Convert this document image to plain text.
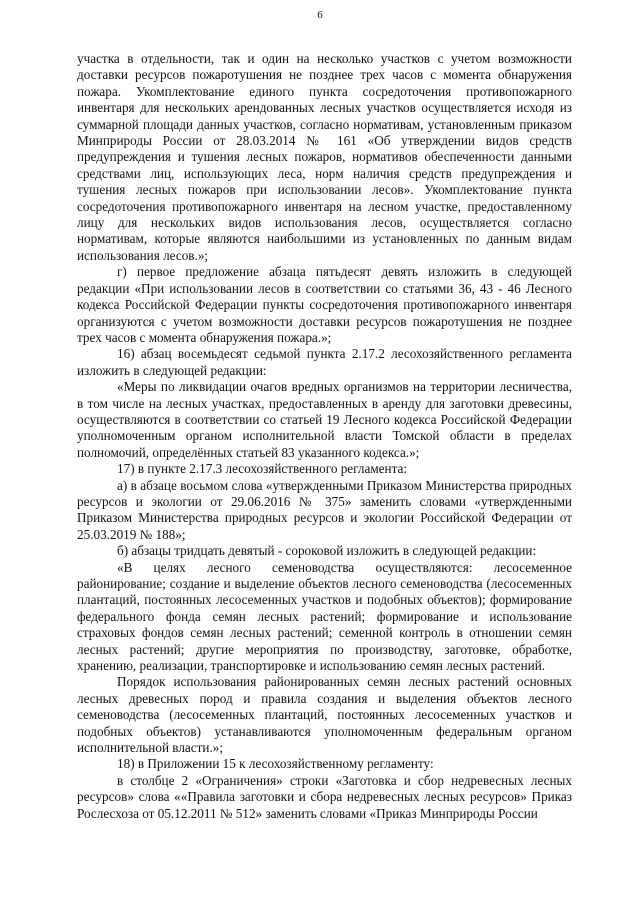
6

участка в отдельности, так и один на несколько участков с учетом возможности доставки ресурсов пожаротушения не позднее трех часов с момента обнаружения пожара. Укомплектование единого пункта сосредоточения противопожарного инвентаря для нескольких арендованных лесных участков осуществляется исходя из суммарной площади данных участков, согласно нормативам, установленным приказом Минприроды России от 28.03.2014 № 161 «Об утверждении видов средств предупреждения и тушения лесных пожаров, нормативов обеспеченности данными средствами лиц, использующих леса, норм наличия средств предупреждения и тушения лесных пожаров при использовании лесов». Укомплектование пункта сосредоточения противопожарного инвентаря на лесном участке, предоставленному лицу для нескольких видов использования лесов, осуществляется согласно нормативам, которые являются наибольшими из установленных по данным видам использования лесов.»;

г) первое предложение абзаца пятьдесят девять изложить в следующей редакции «При использовании лесов в соответствии со статьями 36, 43 - 46 Лесного кодекса Российской Федерации пункты сосредоточения противопожарного инвентаря организуются с учетом возможности доставки ресурсов пожаротушения не позднее трех часов с момента обнаружения пожара.»;

16) абзац восемьдесят седьмой пункта 2.17.2 лесохозяйственного регламента изложить в следующей редакции:

«Меры по ликвидации очагов вредных организмов на территории лесничества, в том числе на лесных участках, предоставленных в аренду для заготовки древесины, осуществляются в соответствии со статьей 19 Лесного кодекса Российской Федерации уполномоченным органом исполнительной власти Томской области в пределах полномочий, определённых статьей 83 указанного кодекса.»;

17) в пункте 2.17.3 лесохозяйственного регламента:

а) в абзаце восьмом слова «утвержденными Приказом Министерства природных ресурсов и экологии от 29.06.2016 № 375» заменить словами «утвержденными Приказом Министерства природных ресурсов и экологии Российской Федерации от 25.03.2019 № 188»;

б) абзацы тридцать девятый - сороковой изложить в следующей редакции:

«В целях лесного семеноводства осуществляются: лесосеменное районирование; создание и выделение объектов лесного семеноводства (лесосеменных плантаций, постоянных лесосеменных участков и подобных объектов); формирование федерального фонда семян лесных растений; формирование и использование страховых фондов семян лесных растений; семенной контроль в отношении семян лесных растений; другие мероприятия по производству, заготовке, обработке, хранению, реализации, транспортировке и использованию семян лесных растений.

Порядок использования районированных семян лесных растений основных лесных древесных пород и правила создания и выделения объектов лесного семеноводства (лесосеменных плантаций, постоянных лесосеменных участков и подобных объектов) устанавливаются уполномоченным федеральным органом исполнительной власти.»;

18) в Приложении 15 к лесохозяйственному регламенту:

в столбце 2 «Ограничения» строки «Заготовка и сбор недревесных лесных ресурсов» слова ««Правила заготовки и сбора недревесных лесных ресурсов» Приказ Рослесхоза от 05.12.2011 № 512» заменить словами «Приказ Минприроды России
